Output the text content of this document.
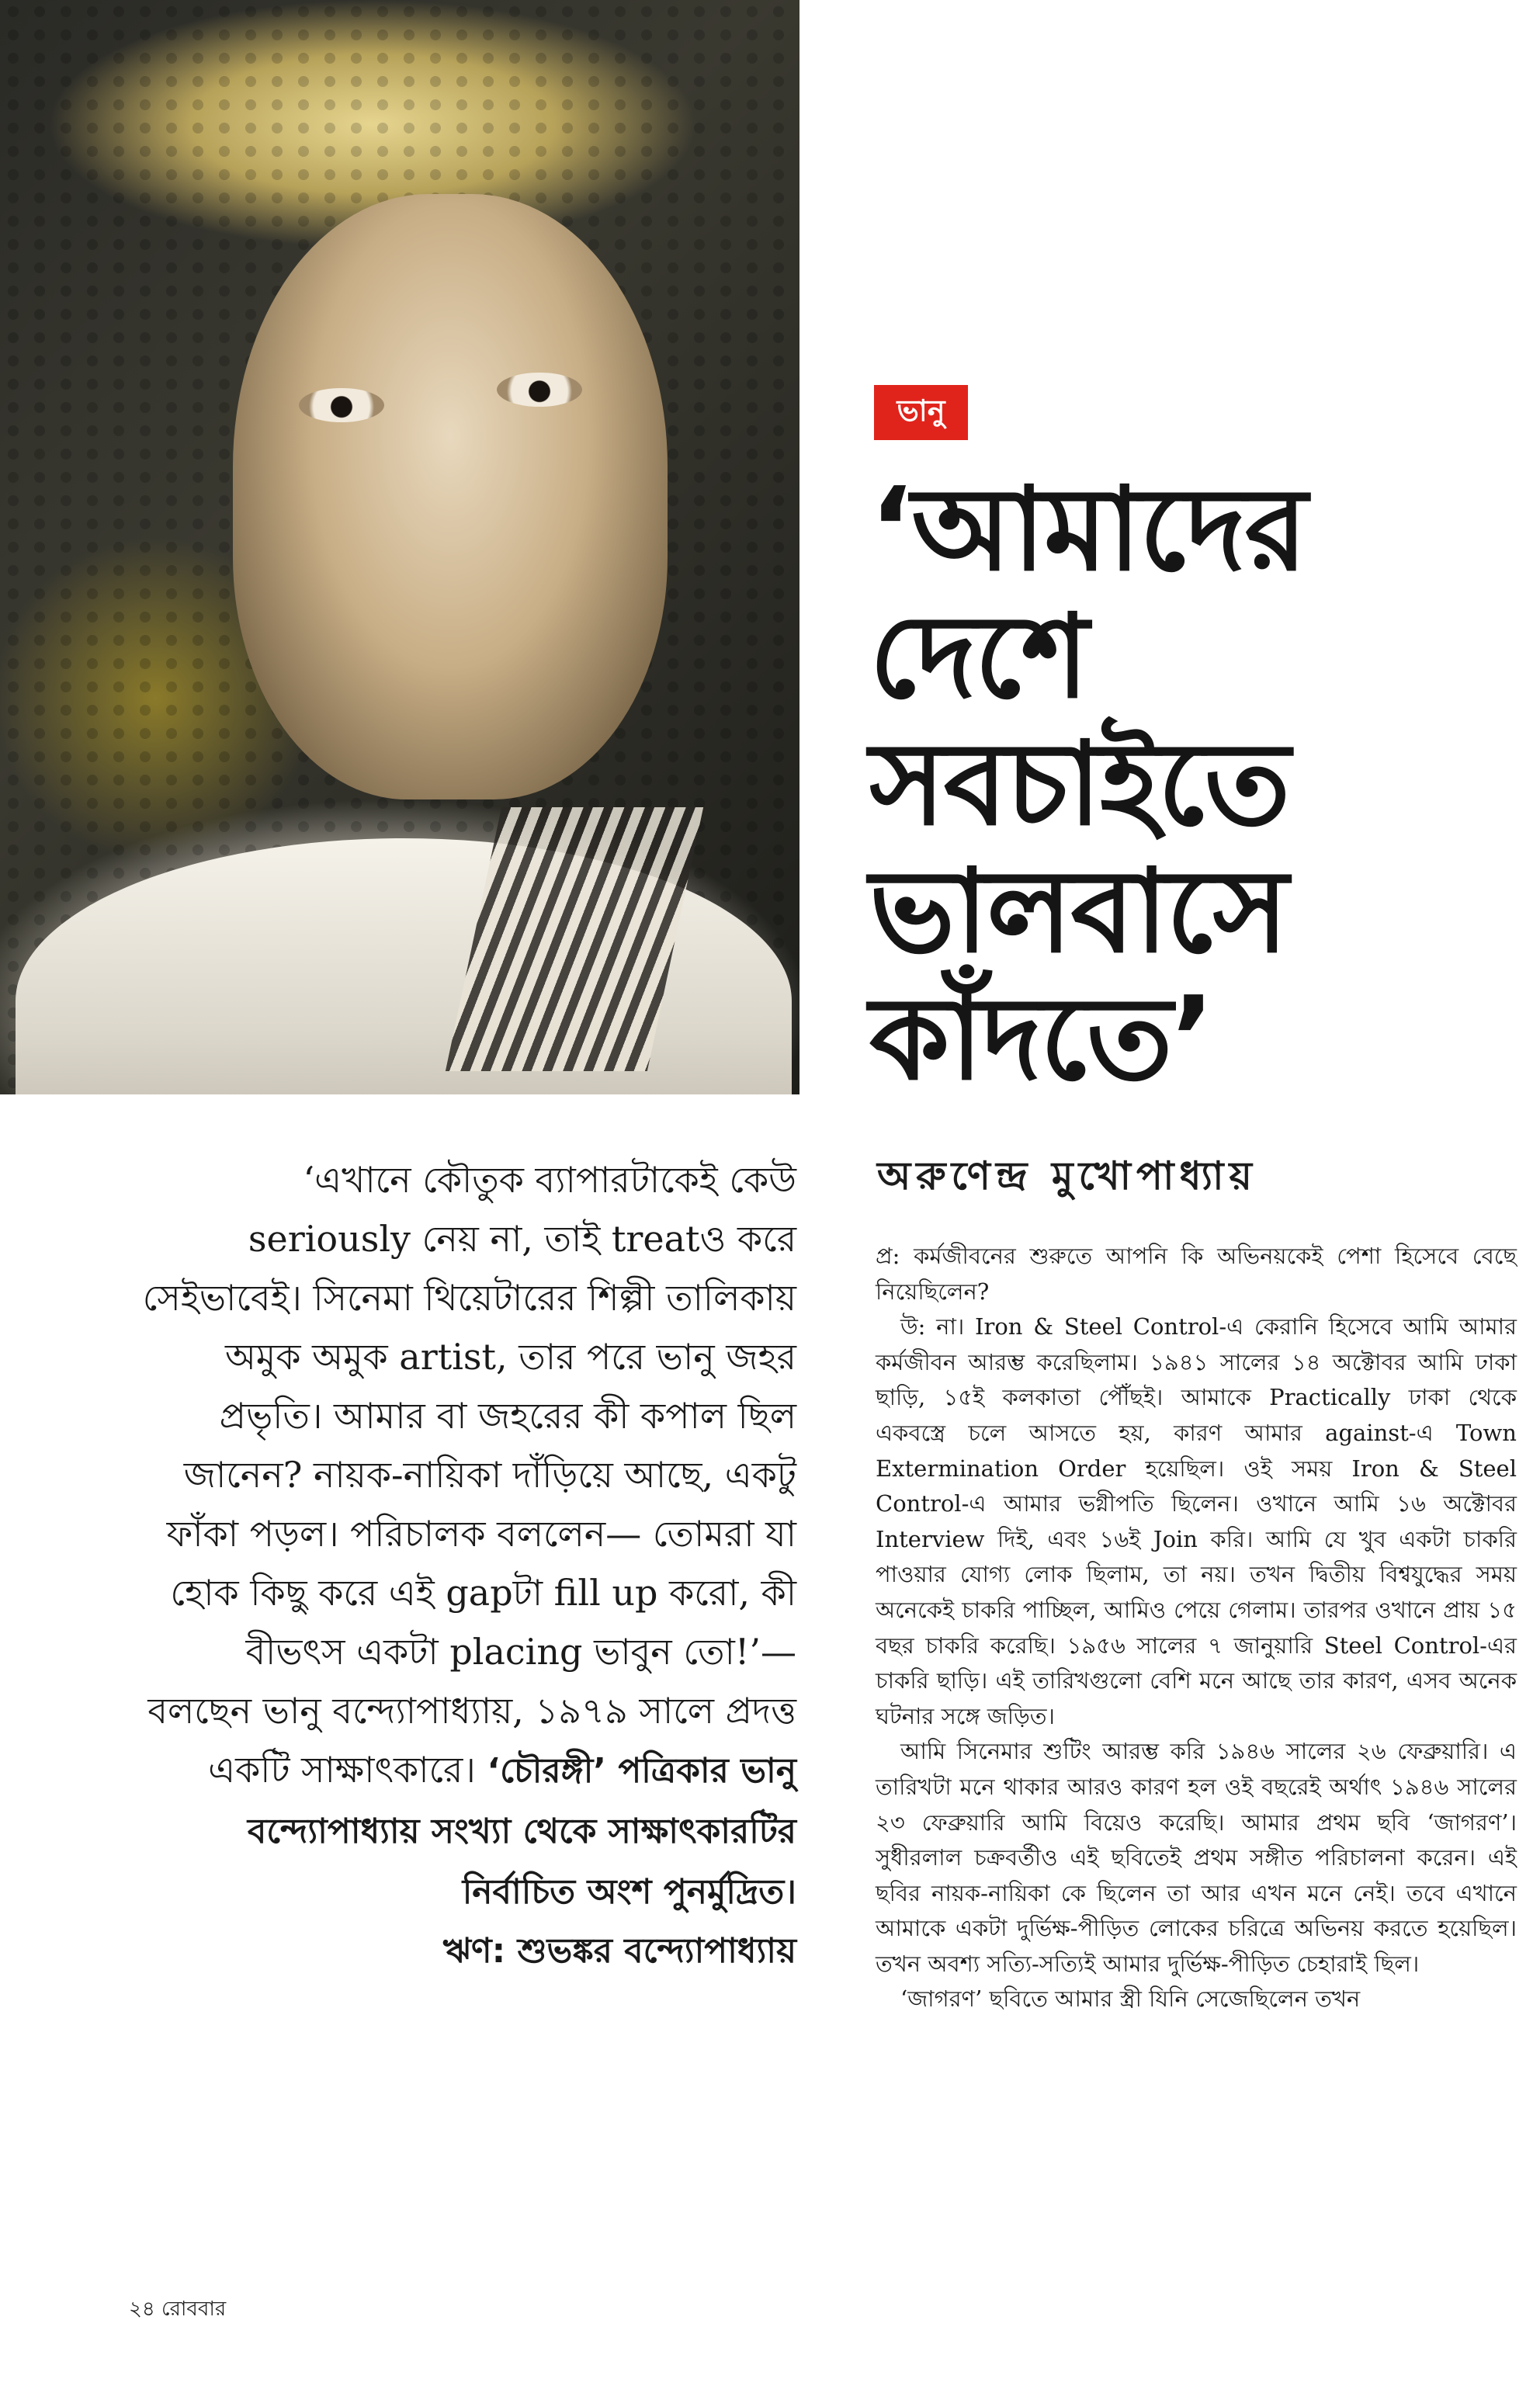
ভানু
‘আমাদের
দেশে
সবচাইতে
ভালবাসে
কাঁদতে’
অরুণেন্দ্র মুখোপাধ্যায়
‘এখানে কৌতুক ব্যাপারটাকেই কেউ seriously নেয় না, তাই treatও করে সেইভাবেই। সিনেমা থিয়েটারের শিল্পী তালিকায় অমুক অমুক artist, তার পরে ভানু জহর প্রভৃতি। আমার বা জহরের কী কপাল ছিল জানেন? নায়ক-নায়িকা দাঁড়িয়ে আছে, একটু ফাঁকা পড়ল। পরিচালক বললেন— তোমরা যা হোক কিছু করে এই gapটা fill up করো, কী বীভৎস একটা placing ভাবুন তো!’— বলছেন ভানু বন্দ্যোপাধ্যায়, ১৯৭৯ সালে প্রদত্ত একটি সাক্ষাৎকারে। ‘চৌরঙ্গী’ পত্রিকার ভানু বন্দ্যোপাধ্যায় সংখ্যা থেকে সাক্ষাৎকারটির নির্বাচিত অংশ পুনর্মুদ্রিত।
ঋণ: শুভঙ্কর বন্দ্যোপাধ্যায়

প্র: কর্মজীবনের শুরুতে আপনি কি অভিনয়কেই পেশা হিসেবে বেছে নিয়েছিলেন?

উ: না। Iron & Steel Control-এ কেরানি হিসেবে আমি আমার কর্মজীবন আরম্ভ করেছিলাম। ১৯৪১ সালের ১৪ অক্টোবর আমি ঢাকা ছাড়ি, ১৫ই কলকাতা পৌঁছই। আমাকে Practically ঢাকা থেকে একবস্ত্রে চলে আসতে হয়, কারণ আমার against-এ Town Extermination Order হয়েছিল। ওই সময় Iron & Steel Control-এ আমার ভগ্নীপতি ছিলেন। ওখানে আমি ১৬ অক্টোবর Interview দিই, এবং ১৬ই Join করি। আমি যে খুব একটা চাকরি পাওয়ার যোগ্য লোক ছিলাম, তা নয়। তখন দ্বিতীয় বিশ্বযুদ্ধের সময় অনেকেই চাকরি পাচ্ছিল, আমিও পেয়ে গেলাম। তারপর ওখানে প্রায় ১৫ বছর চাকরি করেছি। ১৯৫৬ সালের ৭ জানুয়ারি Steel Control-এর চাকরি ছাড়ি। এই তারিখগুলো বেশি মনে আছে তার কারণ, এসব অনেক ঘটনার সঙ্গে জড়িত।

আমি সিনেমার শুটিং আরম্ভ করি ১৯৪৬ সালের ২৬ ফেব্রুয়ারি। এ তারিখটা মনে থাকার আরও কারণ হল ওই বছরেই অর্থাৎ ১৯৪৬ সালের ২৩ ফেব্রুয়ারি আমি বিয়েও করেছি। আমার প্রথম ছবি ‘জাগরণ’। সুধীরলাল চক্রবর্তীও এই ছবিতেই প্রথম সঙ্গীত পরিচালনা করেন। এই ছবির নায়ক-নায়িকা কে ছিলেন তা আর এখন মনে নেই। তবে এখানে আমাকে একটা দুর্ভিক্ষ-পীড়িত লোকের চরিত্রে অভিনয় করতে হয়েছিল। তখন অবশ্য সত্যি-সত্যিই আমার দুর্ভিক্ষ-পীড়িত চেহারাই ছিল।

‘জাগরণ’ ছবিতে আমার স্ত্রী যিনি সেজেছিলেন তখন

২৪ রোববার
